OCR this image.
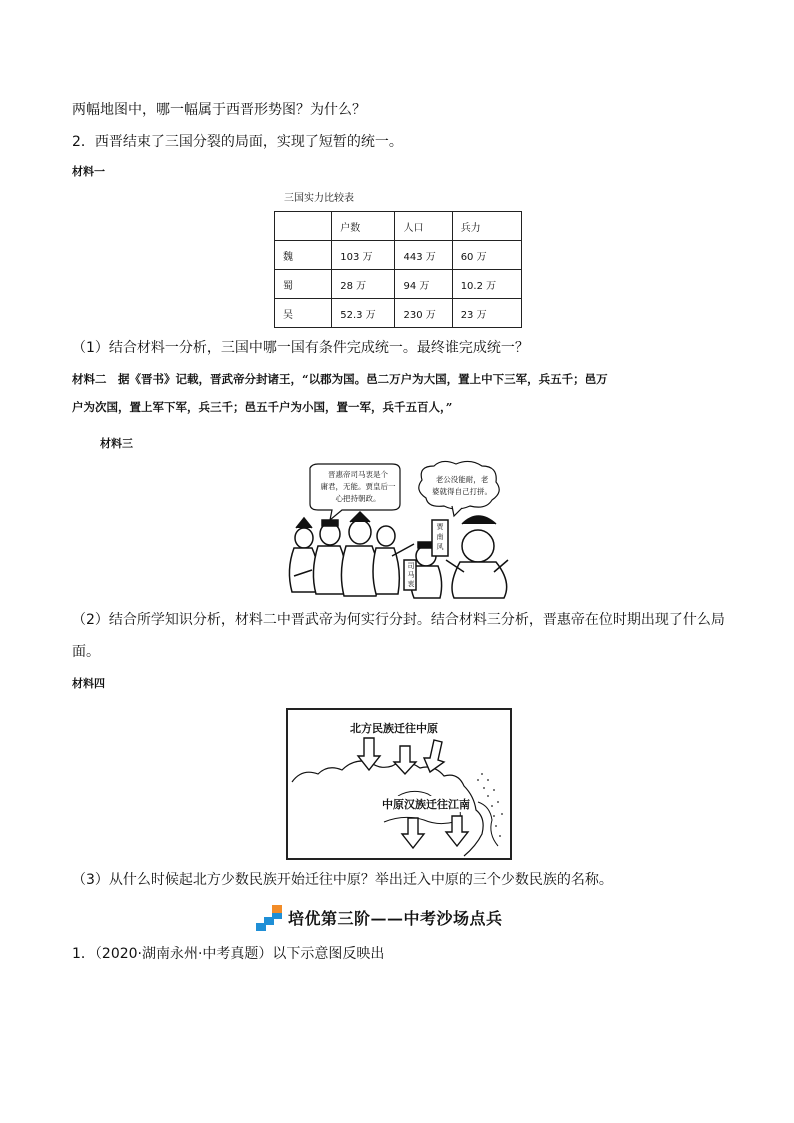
两幅地图中，哪一幅属于西晋形势图？为什么？
2．西晋结束了三国分裂的局面，实现了短暂的统一。
材料一
三国实力比较表
	户数	人口	兵力
魏	103 万	443 万	60 万
蜀	28 万	94 万	10.2 万
吴	52.3 万	230 万	23 万
（1）结合材料一分析，三国中哪一国有条件完成统一。最终谁完成统一？
材料二　据《晋书》记载，晋武帝分封诸王，“以郡为国。邑二万户为大国，置上中下三军，兵五千；邑万
户为次国，置上军下军，兵三千；邑五千户为小国，置一军，兵千五百人，”
材料三
晋惠帝司马衷是个
庸君，无能。贾皇后一
心把持朝政。
老公没能耐，老
婆就得自己打拼。
司马衷
贾南风
（2）结合所学知识分析，材料二中晋武帝为何实行分封。结合材料三分析，晋惠帝在位时期出现了什么局
面。
材料四
北方民族迁往中原
中原汉族迁往江南
（3）从什么时候起北方少数民族开始迁往中原？举出迁入中原的三个少数民族的名称。
培优第三阶——中考沙场点兵
1．（2020·湖南永州·中考真题）以下示意图反映出
